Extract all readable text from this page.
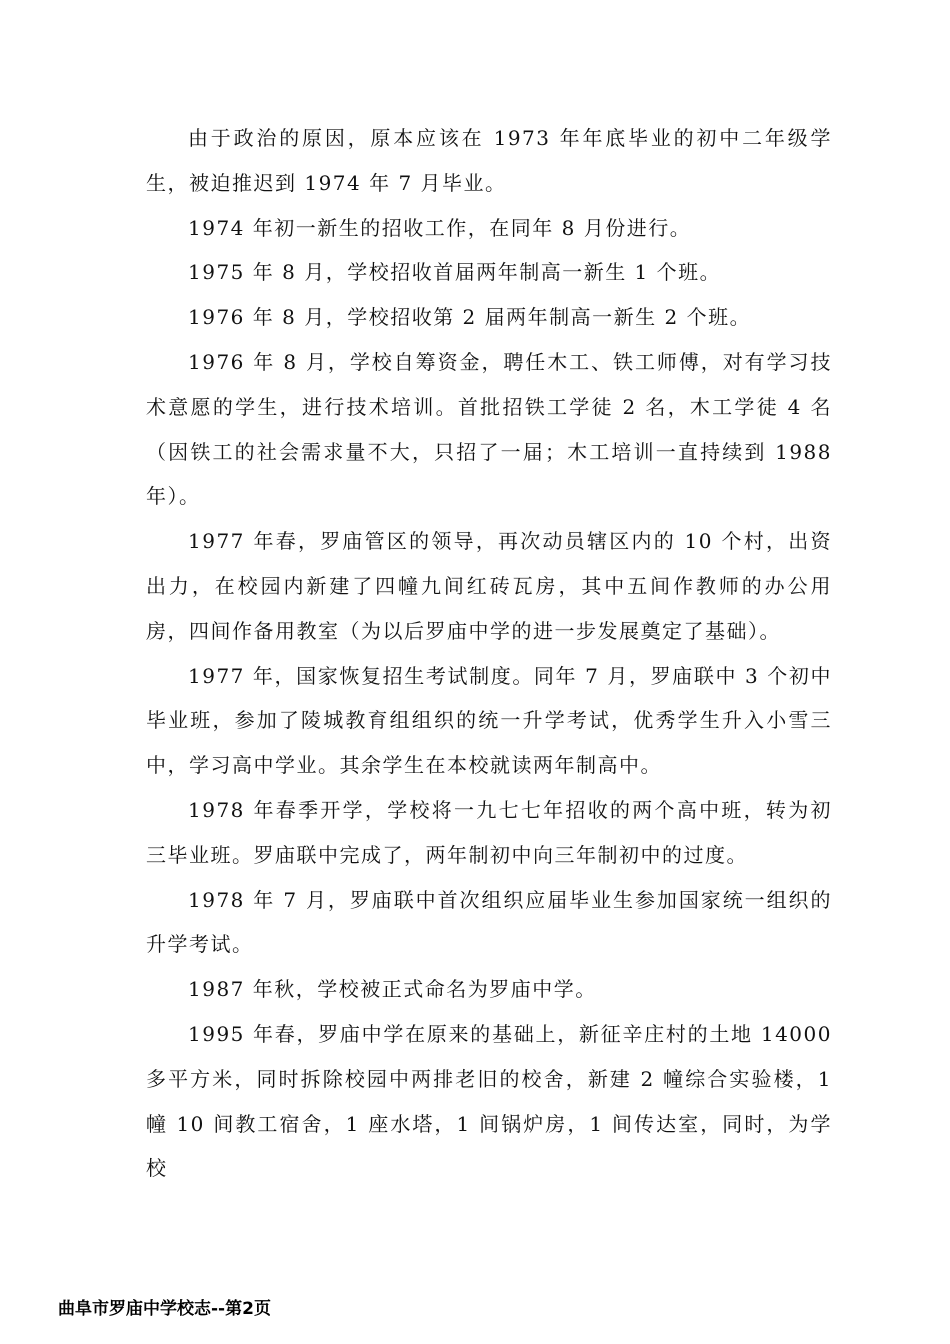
由于政治的原因，原本应该在 1973 年年底毕业的初中二年级学生，被迫推迟到 1974 年 7 月毕业。

1974 年初一新生的招收工作，在同年 8 月份进行。

1975 年 8 月，学校招收首届两年制高一新生 1 个班。

1976 年 8 月，学校招收第 2 届两年制高一新生 2 个班。

1976 年 8 月，学校自筹资金，聘任木工、铁工师傅，对有学习技术意愿的学生，进行技术培训。首批招铁工学徒 2 名，木工学徒 4 名（因铁工的社会需求量不大，只招了一届；木工培训一直持续到 1988 年）。

1977 年春，罗庙管区的领导，再次动员辖区内的 10 个村，出资出力，在校园内新建了四幢九间红砖瓦房，其中五间作教师的办公用房，四间作备用教室（为以后罗庙中学的进一步发展奠定了基础）。

1977 年，国家恢复招生考试制度。同年 7 月，罗庙联中 3 个初中毕业班，参加了陵城教育组组织的统一升学考试，优秀学生升入小雪三中，学习高中学业。其余学生在本校就读两年制高中。

1978 年春季开学，学校将一九七七年招收的两个高中班，转为初三毕业班。罗庙联中完成了，两年制初中向三年制初中的过度。

1978 年 7 月，罗庙联中首次组织应届毕业生参加国家统一组织的升学考试。

1987 年秋，学校被正式命名为罗庙中学。

1995 年春，罗庙中学在原来的基础上，新征辛庄村的土地 14000 多平方米，同时拆除校园中两排老旧的校舍，新建 2 幢综合实验楼，1 幢 10 间教工宿舍，1 座水塔，1 间锅炉房，1 间传达室，同时，为学校

曲阜市罗庙中学校志--第2页
